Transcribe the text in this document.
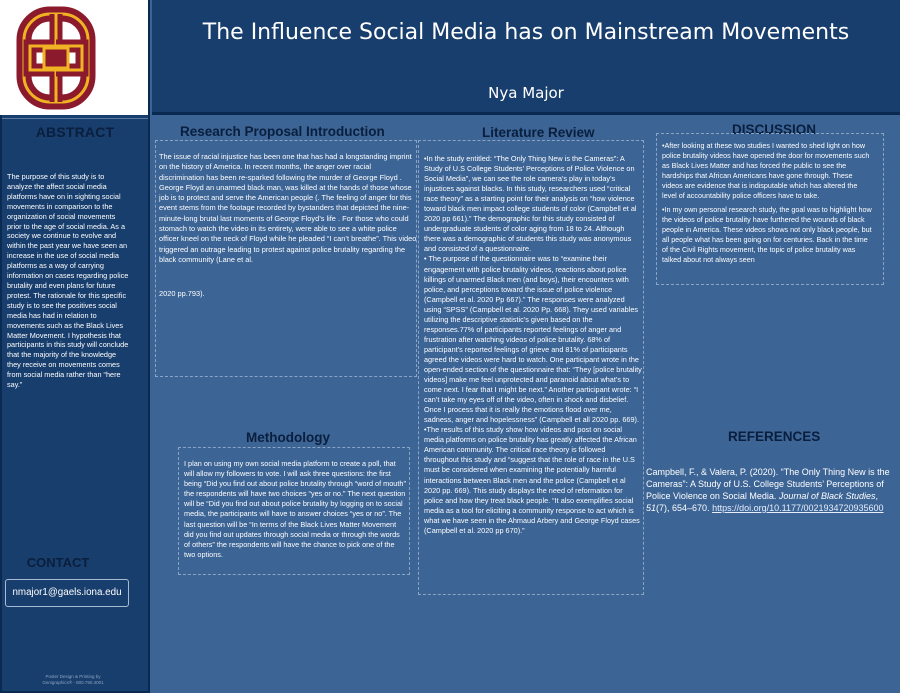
The Influence Social Media has on Mainstream Movements
Nya Major
ABSTRACT
The purpose of this study is to analyze the affect social media platforms have on in sighting social movements in comparison to the organization of social movements prior to the age of social media. As a society we continue to evolve and within the past year we have seen an increase in the use of social media platforms as a way of carrying information on cases regarding police brutality and even plans for future protest. The rationale for this specific study is to see the positives social media has had in relation to movements such as the Black Lives Matter Movement. I hypothesis that participants in this study will conclude that the majority of the knowledge they receive on movements comes from social media rather than “here say.”
CONTACT
nmajor1@gaels.iona.edu
Poster Design & Printing by Genigraphics® - 800.790.4001
Research Proposal Introduction
The issue of racial injustice has been one that has had a longstanding imprint on the history of America. In recent months, the anger over racial discrimination has been re-sparked following the murder of George Floyd . George Floyd an unarmed black man, was killed at the hands of those whose job is to protect and serve the American people (. The feeling of anger for this event stems from the footage recorded by bystanders that depicted the nine-minute-long brutal last moments of George Floyd’s life . For those who could stomach to watch the video in its entirety, were able to see a white police officer kneel on the neck of Floyd while he pleaded “I can’t breathe”. This video triggered an outrage leading to protest against police brutality regarding the black community (Lane et al.
2020 pp.793).
Literature Review

•In the study entitled: “The Only Thing New is the Cameras”: A Study of U.S College Students’ Perceptions of Police Violence on Social Media”, we can see the role camera’s play in today’s injustices against blacks. In this study, researchers used “critical race theory” as a starting point for their analysis on “how violence toward black men impact college students of color (Campbell et al 2020 pp 661).” The demographic for this study consisted of undergraduate students of color aging from 18 to 24. Although there was a demographic of students this study was anonymous and consisted of a questionnaire.

• The purpose of the questionnaire was to “examine their engagement with police brutality videos, reactions about police killings of unarmed Black men (and boys), their encounters with police, and perceptions toward the issue of police violence (Campbell et al. 2020 Pp 667).” The responses were analyzed using “SPSS” (Campbell et al. 2020 Pp. 668). They used variables utilizing the descriptive statistic’s given based on the responses.77% of participants reported feelings of anger and frustration after watching videos of police brutality. 68% of participant’s reported feelings of grieve and 81% of participants agreed the videos were hard to watch. One participant wrote in the open-ended section of the questionnaire that: “They [police brutality videos] make me feel unprotected and paranoid about what’s to come next. I fear that I might be next.” Another participant wrote: “I can’t take my eyes off of the video, often in shock and disbelief. Once I process that it is really the emotions flood over me, sadness, anger and hopelessness” (Campbell et all 2020 pp. 669).

•The results of this study show how videos and post on social media platforms on police brutality has greatly affected the African American community. The critical race theory is followed throughout this study and “suggest that the role of race in the U.S must be considered when examining the potentially harmful interactions between Black men and the police (Campbell et al 2020 pp. 669). This study displays the need of reformation for police and how they treat black people. “It also exemplifies social media as a tool for eliciting a community response to act which is what we have seen in the Ahmaud Arbery and George Floyd cases (Campbell et al. 2020 pp 670).”

DISCUSSION

•After looking at these two studies I wanted to shed light on how police brutality videos have opened the door for movements such as Black Lives Matter and has forced the public to see the hardships that African Americans have gone through. These videos are evidence that is indisputable which has altered the level of accountability police officers have to take.

•In my own personal research study, the goal was to highlight how the videos of police brutality have furthered the wounds of black people in America. These videos shows not only black people, but all people what has been going on for centuries. Back in the time of the Civil Rights movement, the topic of police brutality was talked about not always seen

Methodology
I plan on using my own social media platform to create a poll, that will allow my followers to vote. I will ask three questions: the first being “Did you find out about police brutality through “word of mouth” the respondents will have two choices “yes or no.” The next question will be “Did you find out about police brutality by logging on to social media, the participants will have to answer choices “yes or no”. The last question will be “In terms of the Black Lives Matter Movement did you find out updates through social media or through the words of others” the respondents will have the chance to pick one of the two options.
REFERENCES
Campbell, F., & Valera, P. (2020). “The Only Thing New is the Cameras”: A Study of U.S. College Students’ Perceptions of Police Violence on Social Media. Journal of Black Studies, 51(7), 654–670. https://doi.org/10.1177/0021934720935600
